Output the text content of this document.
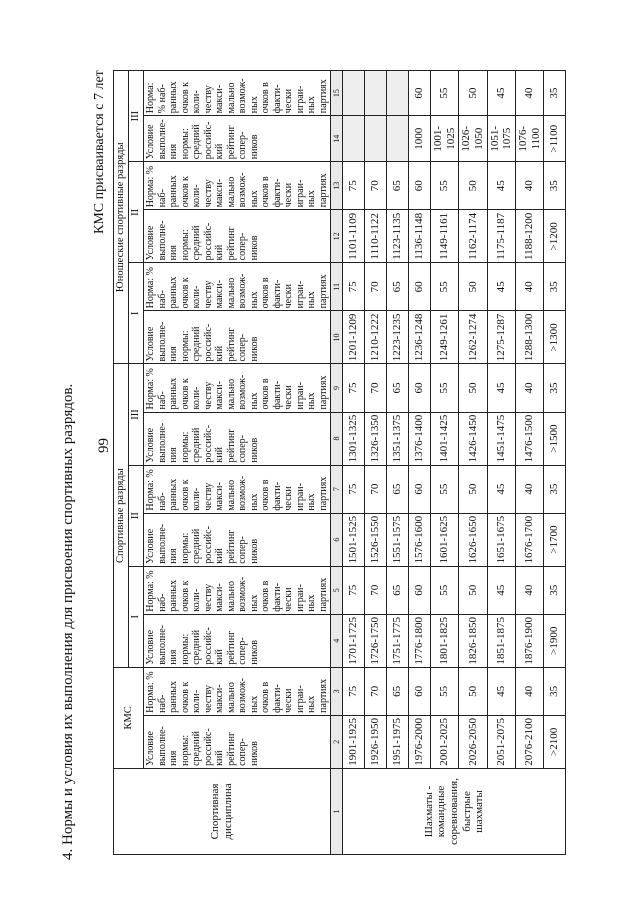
99
4. Нормы и условия их выполнения для присвоения спортивных разрядов.
КМС присваивается с 7 лет
Спортивная дисциплина	КМС		Спортивные разряды						Юношеские спортивные разряды					
			I		II		III		I		II		III	
	Условие выполне-ния нормы: средний российс-кий рейтинг сопер-ников	Норма: % наб-ранных очков к коли-честву макси-мально возмож-ных очков в факти-чески играи-ных партиях	Условие выполне-ния нормы: средний российс-кий рейтинг сопер-ников	Норма: % наб-ранных очков к коли-честву макси-мально возмож-ных очков в факти-чески играи-ных партиях	Условие выполне-ния нормы: средний российс-кий рейтинг сопер-ников	Норма: % наб-ранных очков к коли-честву макси-мально возмож-ных очков в факти-чески играи-ных партиях	Условие выполне-ния нормы: средний российс-кий рейтинг сопер-ников	Норма: % наб-ранных очков к коли-честву макси-мально возмож-ных очков в факти-чески играи-ных партиях	Условие выполне-ния нормы: средний российс-кий рейтинг сопер-ников	Норма: % наб-ранных очков к коли-честву макси-мально возмож-ных очков в факти-чески играи-ных партиях	Условие выполне-ния нормы: средний российс-кий рейтинг сопер-ников	Норма: % наб-ранных очков к коли-честву макси-мально возмож-ных очков в факти-чески играи-ных партиях	Условие выполне-ния нормы: средний российс-кий рейтинг сопер-ников	Норма: % наб-ранных очков к коли-честву макси-мально возмож-ных очков в факти-чески играи-ных партиях
1	2	3	4	5	6	7	8	9	10	11	12	13	14	15

Шахматы - командные соревнования, быстрые шахматы	1901-1925	75	1701-1725	75	1501-1525	75	1301-1325	75	1201-1209	75	1101-1109	75		
	1926-1950	70	1726-1750	70	1526-1550	70	1326-1350	70	1210-1222	70	1110-1122	70		
	1951-1975	65	1751-1775	65	1551-1575	65	1351-1375	65	1223-1235	65	1123-1135	65		
	1976-2000	60	1776-1800	60	1576-1600	60	1376-1400	60	1236-1248	60	1136-1148	60	1000	60
	2001-2025	55	1801-1825	55	1601-1625	55	1401-1425	55	1249-1261	55	1149-1161	55	1001-1025	55
	2026-2050	50	1826-1850	50	1626-1650	50	1426-1450	50	1262-1274	50	1162-1174	50	1026-1050	50
	2051-2075	45	1851-1875	45	1651-1675	45	1451-1475	45	1275-1287	45	1175-1187	45	1051-1075	45
	2076-2100	40	1876-1900	40	1676-1700	40	1476-1500	40	1288-1300	40	1188-1200	40	1076-1100	40
	>2100	35	>1900	35	>1700	35	>1500	35	>1300	35	>1200	35	>1100	35
